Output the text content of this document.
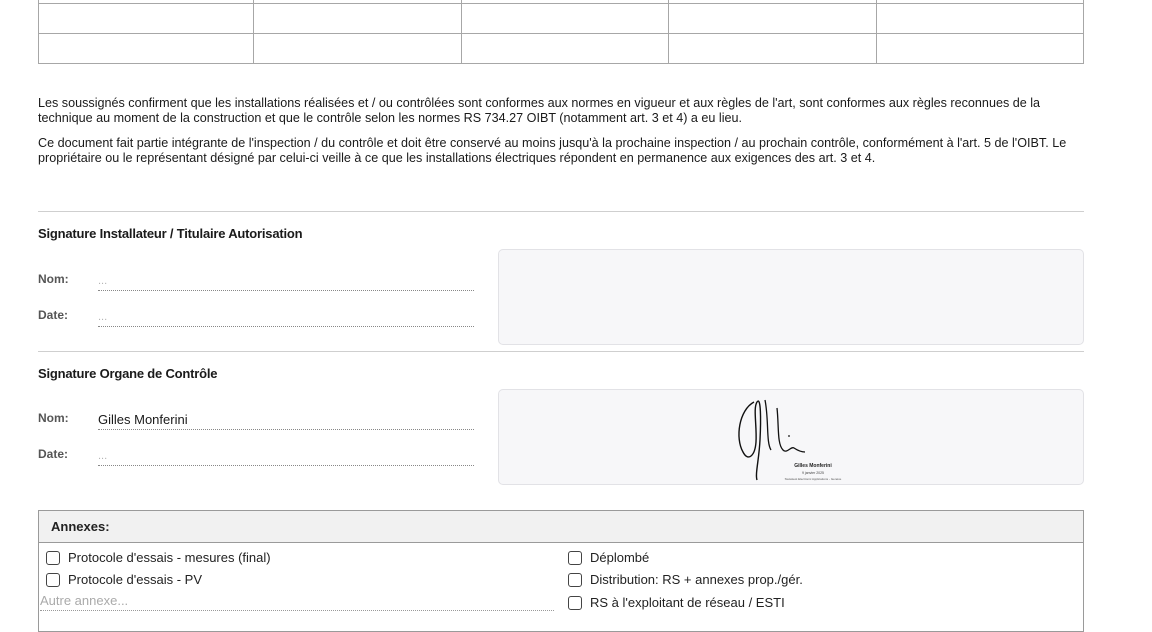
Les soussignés confirment que les installations réalisées et / ou contrôlées sont conformes aux normes en vigueur et aux règles de l'art, sont conformes aux règles reconnues de la technique au moment de la construction et que le contrôle selon les normes RS 734.27 OIBT (notamment art. 3 et 4) a eu lieu.

Ce document fait partie intégrante de l'inspection / du contrôle et doit être conservé au moins jusqu'à la prochaine inspection / au prochain contrôle, conformément à l'art. 5 de l'OIBT. Le propriétaire ou le représentant désigné par celui-ci veille à ce que les installations électriques répondent en permanence aux exigences des art. 3 et 4.

Signature Installateur / Titulaire Autorisation
Nom:	...
Date:	...
Signature Organe de Contrôle
Nom: Gilles Monferini
Date:	...
Gilles Monferini
9 janvier 2025
Swisstest Electronic Applications - Genève
Annexes:
Protocole d'essais - mesures (final)
Protocole d'essais - PV
Autre annexe...
Déplombé
Distribution: RS + annexes prop./gér.
RS à l'exploitant de réseau / ESTI
